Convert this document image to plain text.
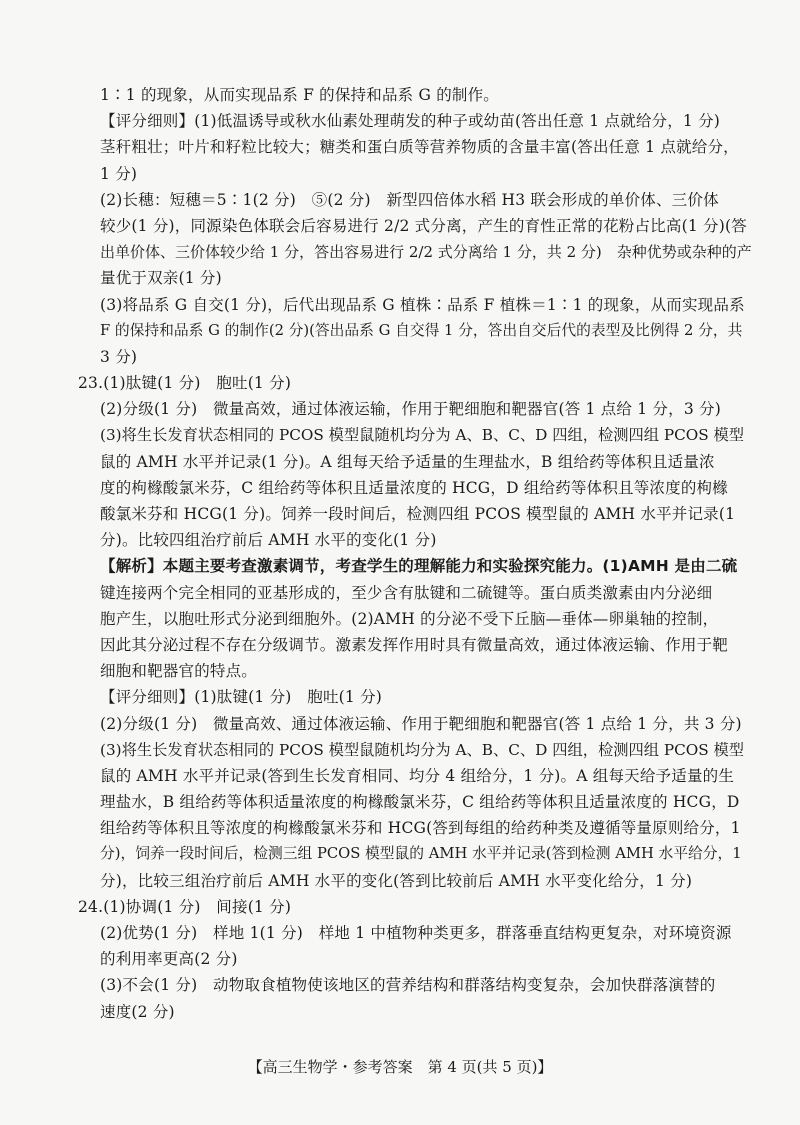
1∶1 的现象，从而实现品系 F 的保持和品系 G 的制作。
【评分细则】(1)低温诱导或秋水仙素处理萌发的种子或幼苗(答出任意 1 点就给分，1 分)
茎秆粗壮；叶片和籽粒比较大；糖类和蛋白质等营养物质的含量丰富(答出任意 1 点就给分，
1 分)
(2)长穗：短穗＝5∶1(2 分)　⑤(2 分)　新型四倍体水稻 H3 联会形成的单价体、三价体
较少(1 分)，同源染色体联会后容易进行 2/2 式分离，产生的育性正常的花粉占比高(1 分)(答
出单价体、三价体较少给 1 分，答出容易进行 2/2 式分离给 1 分，共 2 分)　杂种优势或杂种的产
量优于双亲(1 分)
(3)将品系 G 自交(1 分)，后代出现品系 G 植株∶品系 F 植株＝1∶1 的现象，从而实现品系
F 的保持和品系 G 的制作(2 分)(答出品系 G 自交得 1 分，答出自交后代的表型及比例得 2 分，共
3 分)
23.(1)肽键(1 分)　胞吐(1 分)
(2)分级(1 分)　微量高效，通过体液运输，作用于靶细胞和靶器官(答 1 点给 1 分，3 分)
(3)将生长发育状态相同的 PCOS 模型鼠随机均分为 A、B、C、D 四组，检测四组 PCOS 模型
鼠的 AMH 水平并记录(1 分)。A 组每天给予适量的生理盐水，B 组给药等体积且适量浓
度的枸橼酸氯米芬，C 组给药等体积且适量浓度的 HCG，D 组给药等体积且等浓度的枸橼
酸氯米芬和 HCG(1 分)。饲养一段时间后，检测四组 PCOS 模型鼠的 AMH 水平并记录(1
分)。比较四组治疗前后 AMH 水平的变化(1 分)
【解析】本题主要考查激素调节，考查学生的理解能力和实验探究能力。(1)AMH 是由二硫
键连接两个完全相同的亚基形成的，至少含有肽键和二硫键等。蛋白质类激素由内分泌细
胞产生，以胞吐形式分泌到细胞外。(2)AMH 的分泌不受下丘脑—垂体—卵巢轴的控制，
因此其分泌过程不存在分级调节。激素发挥作用时具有微量高效，通过体液运输、作用于靶
细胞和靶器官的特点。
【评分细则】(1)肽键(1 分)　胞吐(1 分)
(2)分级(1 分)　微量高效、通过体液运输、作用于靶细胞和靶器官(答 1 点给 1 分，共 3 分)
(3)将生长发育状态相同的 PCOS 模型鼠随机均分为 A、B、C、D 四组，检测四组 PCOS 模型
鼠的 AMH 水平并记录(答到生长发育相同、均分 4 组给分，1 分)。A 组每天给予适量的生
理盐水，B 组给药等体积适量浓度的枸橼酸氯米芬，C 组给药等体积且适量浓度的 HCG，D
组给药等体积且等浓度的枸橼酸氯米芬和 HCG(答到每组的给药种类及遵循等量原则给分，1
分)，饲养一段时间后，检测三组 PCOS 模型鼠的 AMH 水平并记录(答到检测 AMH 水平给分，1
分)，比较三组治疗前后 AMH 水平的变化(答到比较前后 AMH 水平变化给分，1 分)
24.(1)协调(1 分)　间接(1 分)
(2)优势(1 分)　样地 1(1 分)　样地 1 中植物种类更多，群落垂直结构更复杂，对环境资源
的利用率更高(2 分)
(3)不会(1 分)　动物取食植物使该地区的营养结构和群落结构变复杂，会加快群落演替的
速度(2 分)
【高三生物学・参考答案　第 4 页(共 5 页)】
